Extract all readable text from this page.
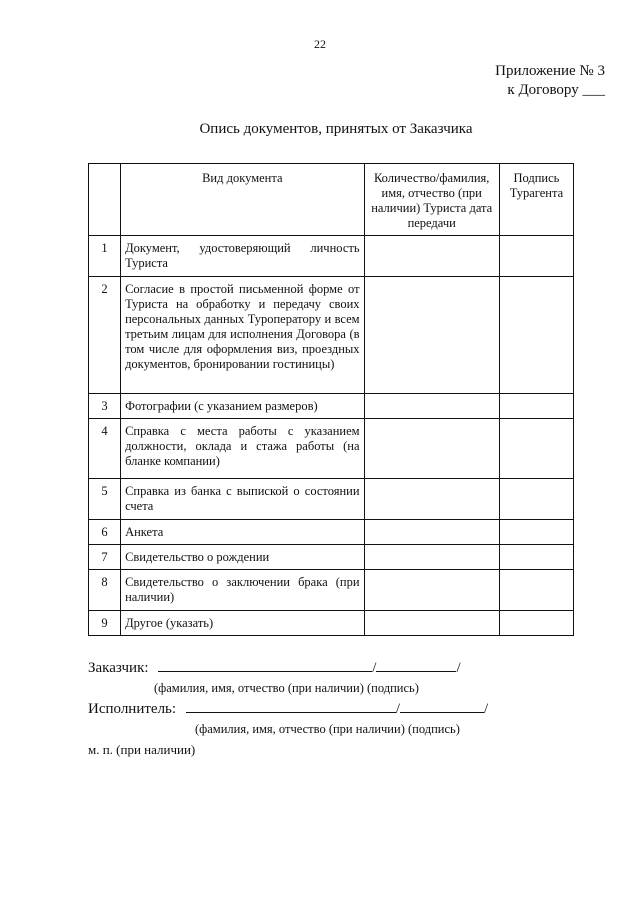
22
Приложение № 3
к Договору ___
Опись документов, принятых от Заказчика
	Вид документа	Количество/фамилия, имя, отчество (при наличии) Туриста дата передачи	Подпись Турагента
1	Документ, удостоверяющий личность Туриста		
2	Согласие в простой письменной форме от Туриста на обработку и передачу своих персональных данных Туроператору и всем третьим лицам для исполнения Договора (в том числе для оформления виз, проездных документов, бронировании гостиницы)		
3	Фотографии (с указанием размеров)		
4	Справка с места работы с указанием должности, оклада и стажа работы (на бланке компании)		
5	Справка из банка с выпиской о состоянии счета		
6	Анкета		
7	Свидетельство о рождении		
8	Свидетельство о заключении брака (при наличии)		
9	Другое (указать)		
Заказчик:	/	/
(фамилия, имя, отчество (при наличии) (подпись)
Исполнитель:	/	/
(фамилия, имя, отчество (при наличии) (подпись)
м. п. (при наличии)
